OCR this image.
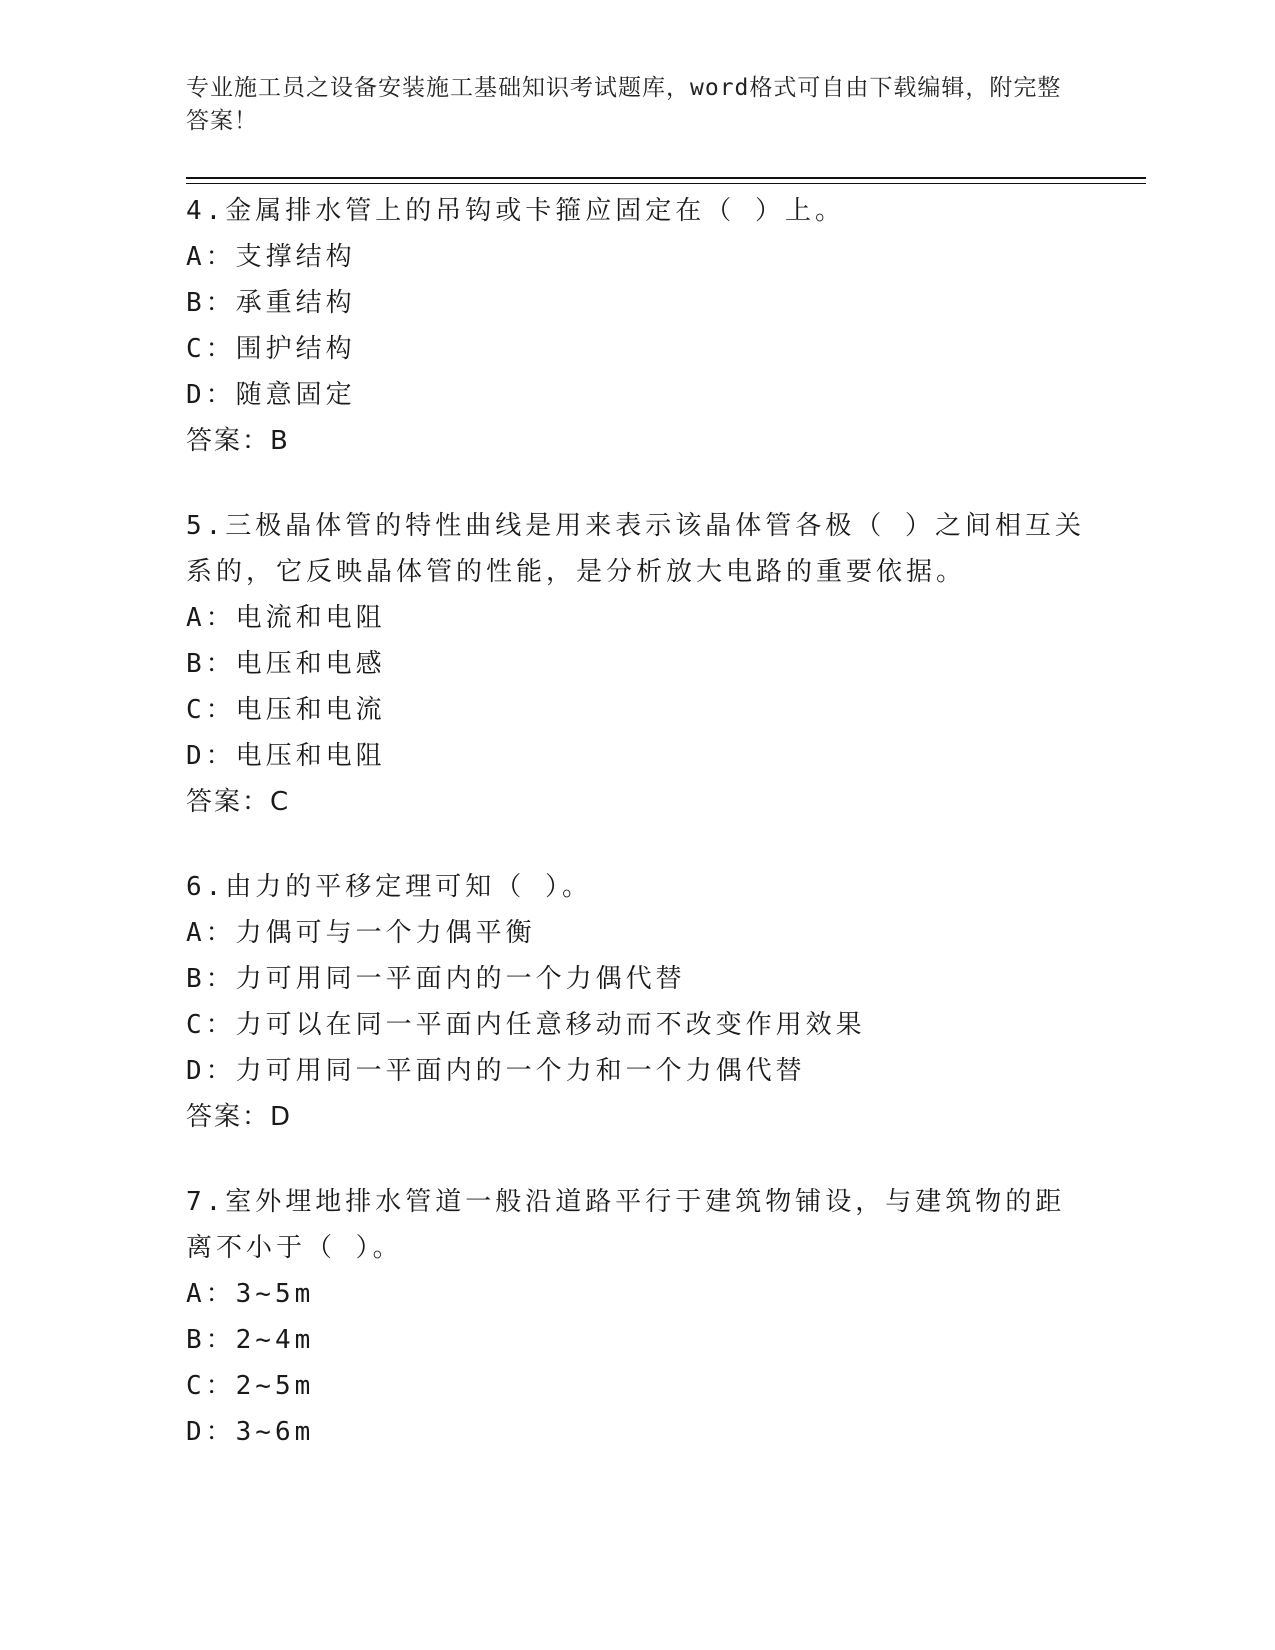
专业施工员之设备安装施工基础知识考试题库，word格式可自由下载编辑，附完整答案！

4.金属排水管上的吊钩或卡箍应固定在（ ）上。

A：支撑结构

B：承重结构

C：围护结构

D：随意固定

答案：B

5.三极晶体管的特性曲线是用来表示该晶体管各极（ ）之间相互关系的，它反映晶体管的性能，是分析放大电路的重要依据。

A：电流和电阻

B：电压和电感

C：电压和电流

D：电压和电阻

答案：C

6.由力的平移定理可知（ ）。

A：力偶可与一个力偶平衡

B：力可用同一平面内的一个力偶代替

C：力可以在同一平面内任意移动而不改变作用效果

D：力可用同一平面内的一个力和一个力偶代替

答案：D

7.室外埋地排水管道一般沿道路平行于建筑物铺设，与建筑物的距离不小于（ ）。

A：3~5m

B：2~4m

C：2~5m

D：3~6m
